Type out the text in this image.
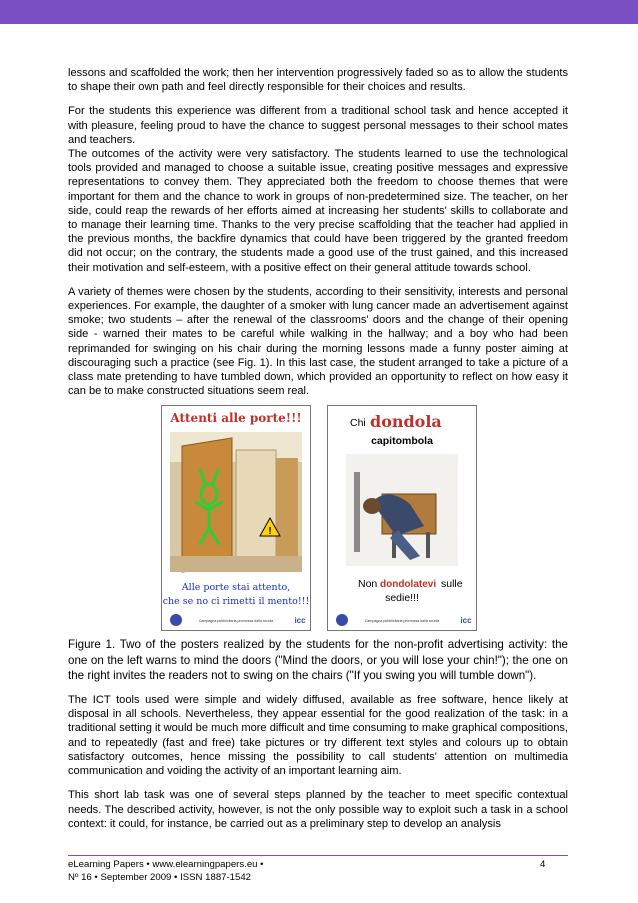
lessons and scaffolded the work; then her intervention progressively faded so as to allow the students to shape their own path and feel directly responsible for their choices and results.

For the students this experience was different from a traditional school task and hence accepted it with pleasure, feeling proud to have the chance to suggest personal messages to their school mates and teachers.

The outcomes of the activity were very satisfactory. The students learned to use the technological tools provided and managed to choose a suitable issue, creating positive messages and expressive representations to convey them. They appreciated both the freedom to choose themes that were important for them and the chance to work in groups of non-predetermined size. The teacher, on her side, could reap the rewards of her efforts aimed at increasing her students' skills to collaborate and to manage their learning time. Thanks to the very precise scaffolding that the teacher had applied in the previous months, the backfire dynamics that could have been triggered by the granted freedom did not occur; on the contrary, the students made a good use of the trust gained, and this increased their motivation and self-esteem, with a positive effect on their general attitude towards school.

A variety of themes were chosen by the students, according to their sensitivity, interests and personal experiences. For example, the daughter of a smoker with lung cancer made an advertisement against smoke; two students – after the renewal of the classrooms' doors and the change of their opening side - warned their mates to be careful while walking in the hallway; and a boy who had been reprimanded for swinging on his chair during the morning lessons made a funny poster aiming at discouraging such a practice (see Fig. 1). In this last case, the student arranged to take a picture of a class mate pretending to have tumbled down, which provided an opportunity to reflect on how easy it can be to make constructed situations seem real.

Attenti alle porte!!!
!
Alle porte stai attento,
che se no ci rimetti il mento!!!
Campagna pubblicitaria promossa dalla scuola	icc
Chi dondola
capitombola
Non dondolatevi sulle
sedie!!!
Campagna pubblicitaria promossa dalla scuola	icc

Figure 1. Two of the posters realized by the students for the non-profit advertising activity: the one on the left warns to mind the doors ("Mind the doors, or you will lose your chin!"); the one on the right invites the readers not to swing on the chairs ("If you swing you will tumble down").

The ICT tools used were simple and widely diffused, available as free software, hence likely at disposal in all schools. Nevertheless, they appear essential for the good realization of the task: in a traditional setting it would be much more difficult and time consuming to make graphical compositions, and to repeatedly (fast and free) take pictures or try different text styles and colours up to obtain satisfactory outcomes, hence missing the possibility to call students' attention on multimedia communication and voiding the activity of an important learning aim.

This short lab task was one of several steps planned by the teacher to meet specific contextual needs. The described activity, however, is not the only possible way to exploit such a task in a school context: it could, for instance, be carried out as a preliminary step to develop an analysis

eLearning Papers • www.elearningpapers.eu •
Nº 16 • September 2009 • ISSN 1887-1542
4
